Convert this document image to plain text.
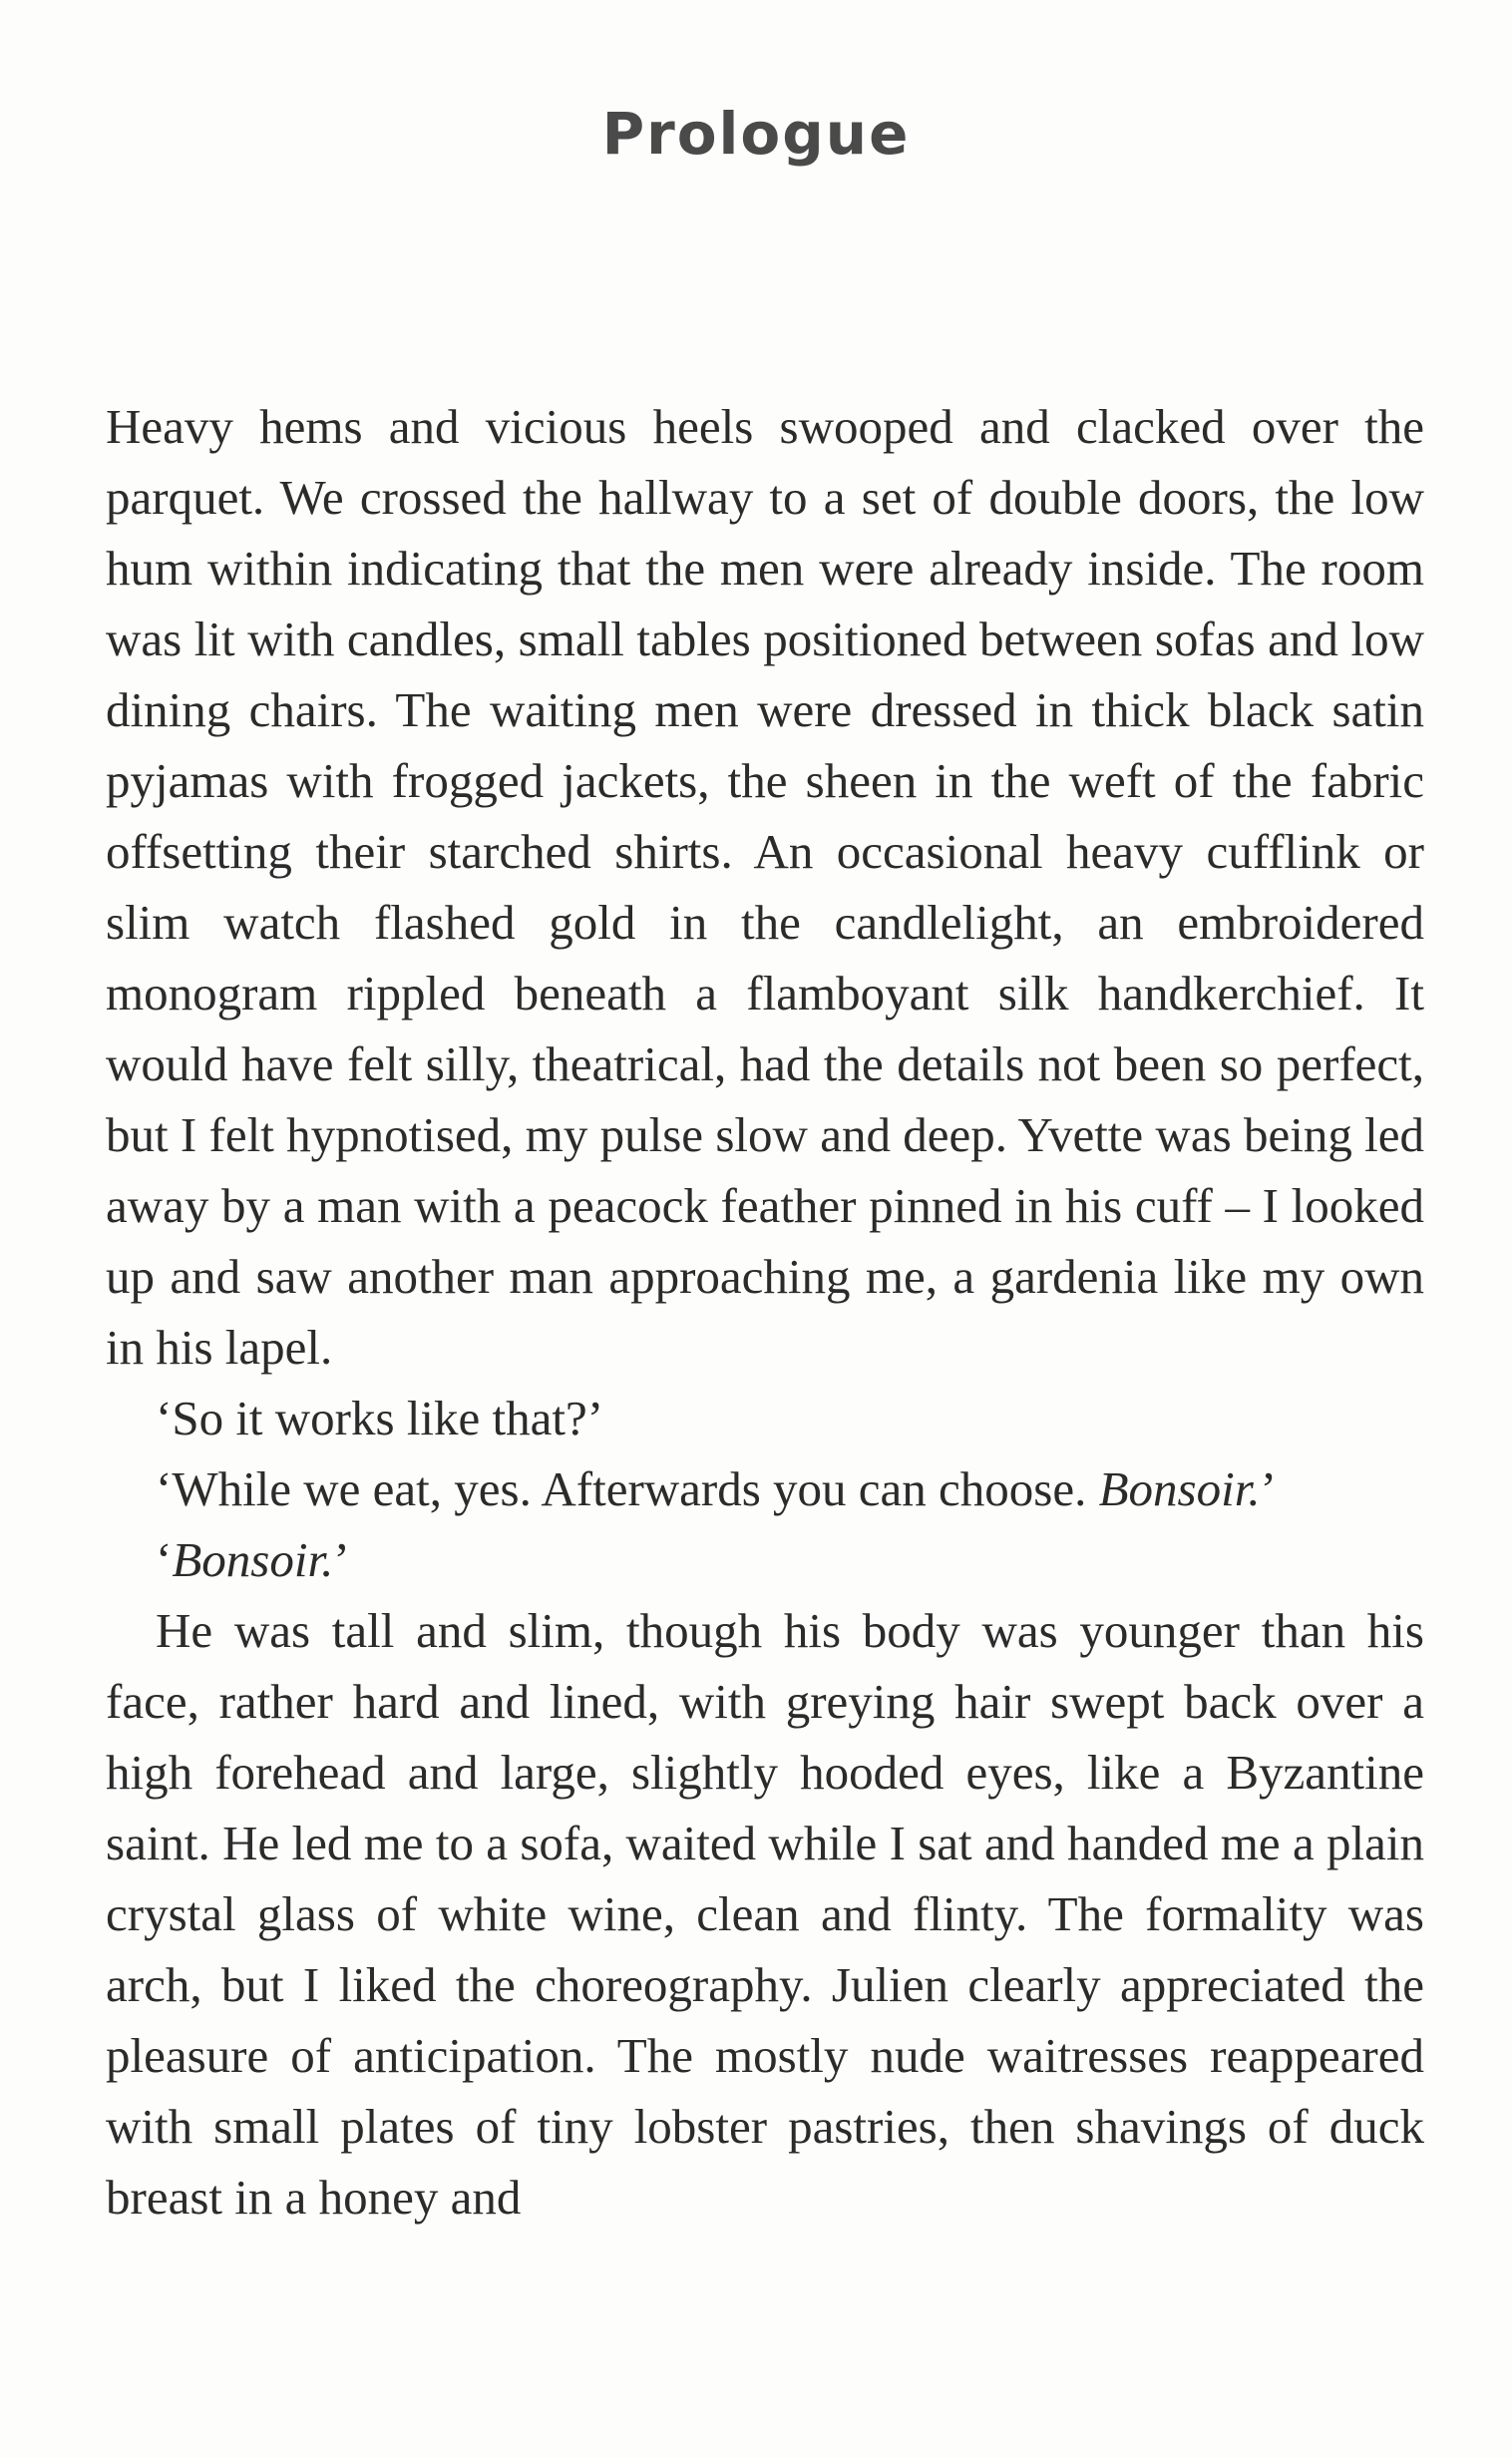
Prologue

Heavy hems and vicious heels swooped and clacked over the parquet. We crossed the hallway to a set of double doors, the low hum within indicating that the men were already inside. The room was lit with candles, small tables positioned between sofas and low dining chairs. The waiting men were dressed in thick black satin pyjamas with frogged jackets, the sheen in the weft of the fabric offsetting their starched shirts. An occasional heavy cufflink or slim watch flashed gold in the candlelight, an embroidered monogram rippled beneath a flamboyant silk handkerchief. It would have felt silly, theatrical, had the details not been so perfect, but I felt hypnotised, my pulse slow and deep. Yvette was being led away by a man with a peacock feather pinned in his cuff – I looked up and saw another man approaching me, a gardenia like my own in his lapel.

‘So it works like that?’

‘While we eat, yes. Afterwards you can choose. Bonsoir.’

‘Bonsoir.’

He was tall and slim, though his body was younger than his face, rather hard and lined, with greying hair swept back over a high forehead and large, slightly hooded eyes, like a Byzantine saint. He led me to a sofa, waited while I sat and handed me a plain crystal glass of white wine, clean and flinty. The formality was arch, but I liked the choreography. Julien clearly appreciated the pleasure of anticipation. The mostly nude waitresses reappeared with small plates of tiny lobster pastries, then shavings of duck breast in a honey and
